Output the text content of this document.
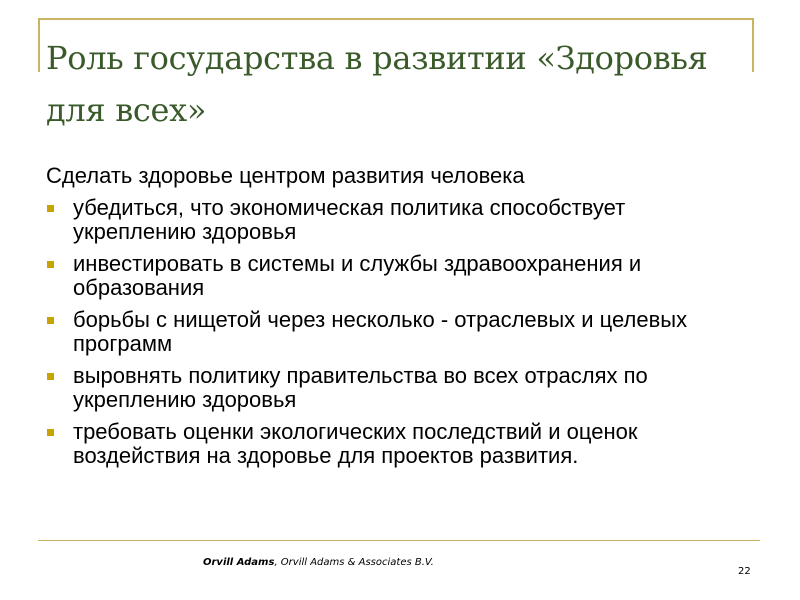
Роль государства в развитии «Здоровья для всех»

Сделать здоровье центром развития человека

убедиться, что экономическая политика способствует укреплению здоровья
инвестировать в системы и службы здравоохранения и образования
борьбы с нищетой через несколько - отраслевых и целевых программ
выровнять политику правительства во всех отраслях по укреплению здоровья
требовать оценки экологических последствий и оценок воздействия на здоровье для проектов развития.
Orvill Adams, Orvill Adams & Associates B.V.
22
